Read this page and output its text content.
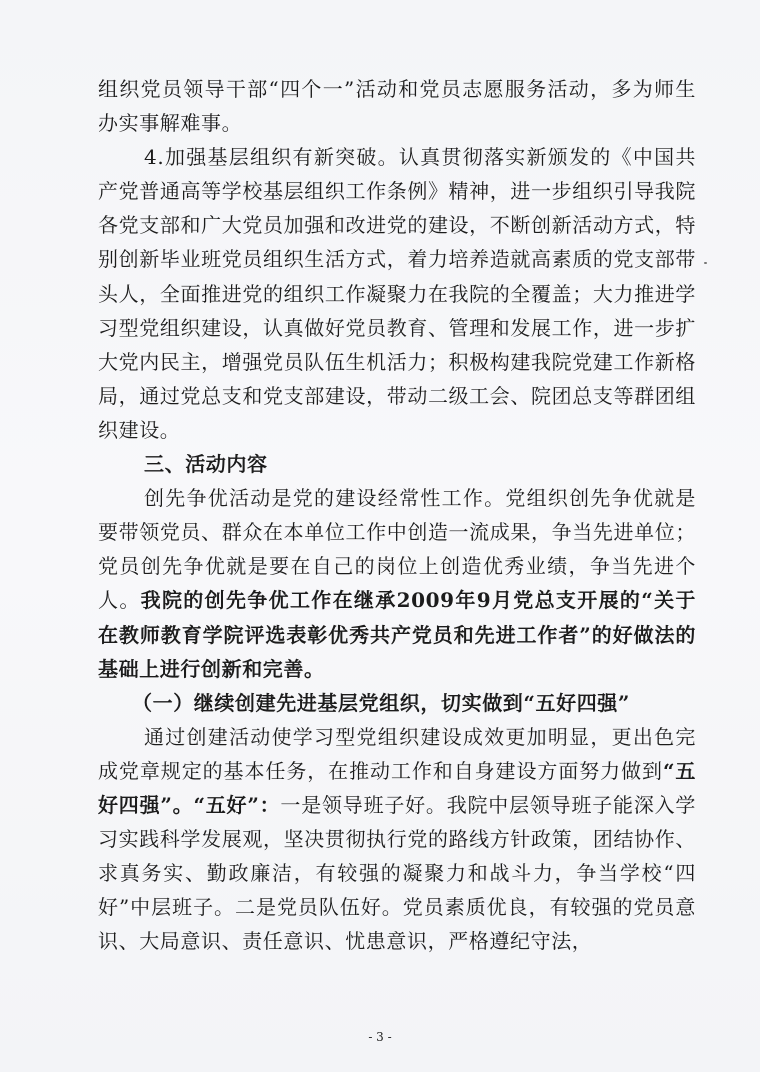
组织党员领导干部“四个一”活动和党员志愿服务活动，多为师生办实事解难事。

4.加强基层组织有新突破。认真贯彻落实新颁发的《中国共产党普通高等学校基层组织工作条例》精神，进一步组织引导我院各党支部和广大党员加强和改进党的建设，不断创新活动方式，特别创新毕业班党员组织生活方式，着力培养造就高素质的党支部带头人，全面推进党的组织工作凝聚力在我院的全覆盖；大力推进学习型党组织建设，认真做好党员教育、管理和发展工作，进一步扩大党内民主，增强党员队伍生机活力；积极构建我院党建工作新格局，通过党总支和党支部建设，带动二级工会、院团总支等群团组织建设。

三、活动内容

创先争优活动是党的建设经常性工作。党组织创先争优就是要带领党员、群众在本单位工作中创造一流成果，争当先进单位；党员创先争优就是要在自己的岗位上创造优秀业绩，争当先进个人。我院的创先争优工作在继承2009年9月党总支开展的“关于在教师教育学院评选表彰优秀共产党员和先进工作者”的好做法的基础上进行创新和完善。

（一）继续创建先进基层党组织，切实做到“五好四强”

通过创建活动使学习型党组织建设成效更加明显，更出色完成党章规定的基本任务，在推动工作和自身建设方面努力做到“五好四强”。“五好”：一是领导班子好。我院中层领导班子能深入学习实践科学发展观，坚决贯彻执行党的路线方针政策，团结协作、求真务实、勤政廉洁，有较强的凝聚力和战斗力，争当学校“四好”中层班子。二是党员队伍好。党员素质优良，有较强的党员意识、大局意识、责任意识、忧患意识，严格遵纪守法，

- 3 -
